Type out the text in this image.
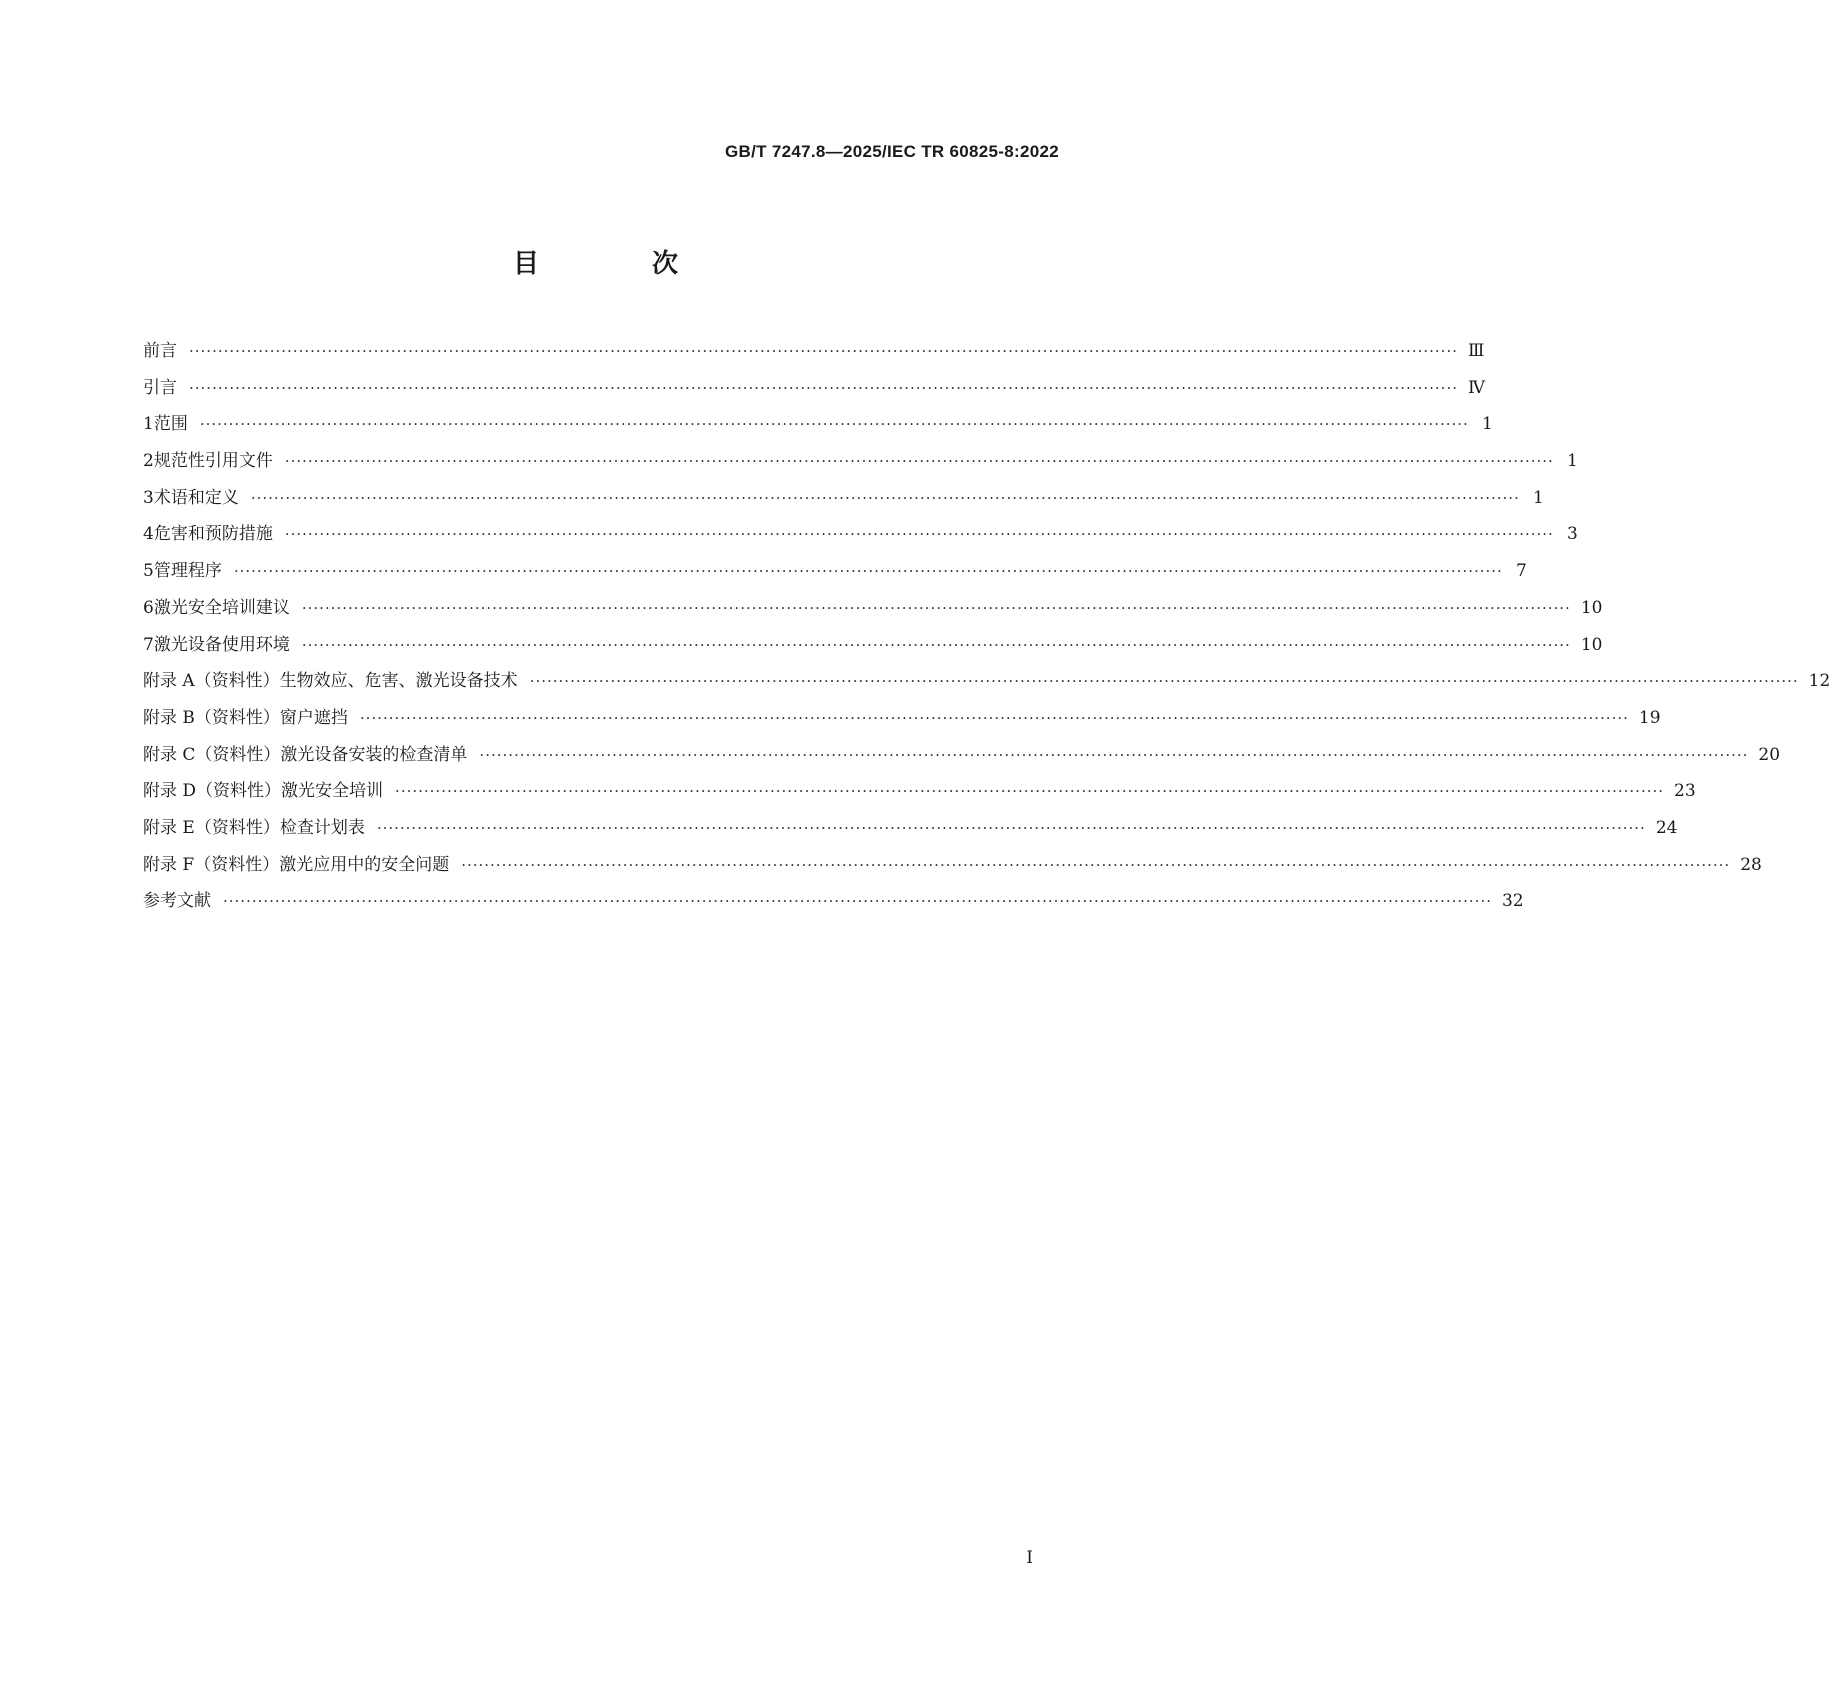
GB/T 7247.8—2025/IEC TR 60825-8:2022
目 次
前言 ···························································································································································································································· Ⅲ
引言 ···························································································································································································································· Ⅳ
1 范围 ···························································································································································································································· 1
2 规范性引用文件 ···························································································································································································································· 1
3 术语和定义 ···························································································································································································································· 1
4 危害和预防措施 ···························································································································································································································· 3
5 管理程序 ···························································································································································································································· 7
6 激光安全培训建议 ···························································································································································································································· 10
7 激光设备使用环境 ···························································································································································································································· 10
附录 A（资料性） 生物效应、危害、激光设备技术 ···························································································································································································································· 12
附录 B（资料性） 窗户遮挡 ···························································································································································································································· 19
附录 C（资料性） 激光设备安装的检查清单 ···························································································································································································································· 20
附录 D（资料性） 激光安全培训 ···························································································································································································································· 23
附录 E（资料性） 检查计划表 ···························································································································································································································· 24
附录 F（资料性） 激光应用中的安全问题 ···························································································································································································································· 28
参考文献 ···························································································································································································································· 32
Ⅰ
